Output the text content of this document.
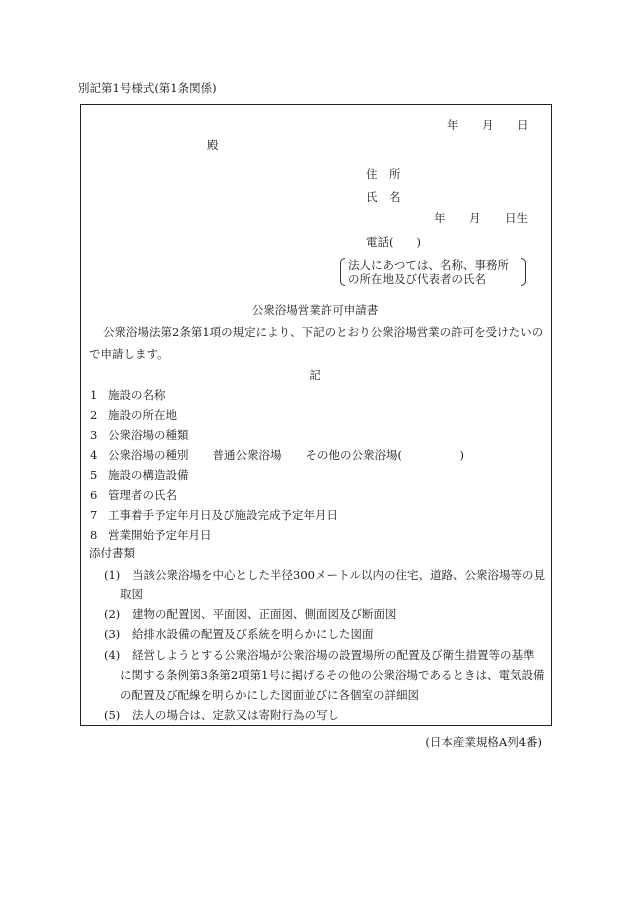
別記第1号様式(第1条関係)
年 月 日
殿
住　所
氏　名
年 月 日生
電話(　　)
法人にあつては、名称、事務所
の所在地及び代表者の氏名
公衆浴場営業許可申請書
公衆浴場法第2条第1項の規定により、下記のとおり公衆浴場営業の許可を受けたいの
で申請します。
記
1 施設の名称
2 施設の所在地
3 公衆浴場の種類
4 公衆浴場の種別 普通公衆浴場 その他の公衆浴場(　　　　　)
5 施設の構造設備
6 管理者の氏名
7 工事着手予定年月日及び施設完成予定年月日
8 営業開始予定年月日
添付書類
(1) 当該公衆浴場を中心とした半径300メートル以内の住宅、道路、公衆浴場等の見
取図
(2) 建物の配置図、平面図、正面図、側面図及び断面図
(3) 給排水設備の配置及び系統を明らかにした図面
(4) 経営しようとする公衆浴場が公衆浴場の設置場所の配置及び衛生措置等の基準
に関する条例第3条第2項第1号に掲げるその他の公衆浴場であるときは、電気設備
の配置及び配線を明らかにした図面並びに各個室の詳細図
(5) 法人の場合は、定款又は寄附行為の写し
(日本産業規格A列4番)
